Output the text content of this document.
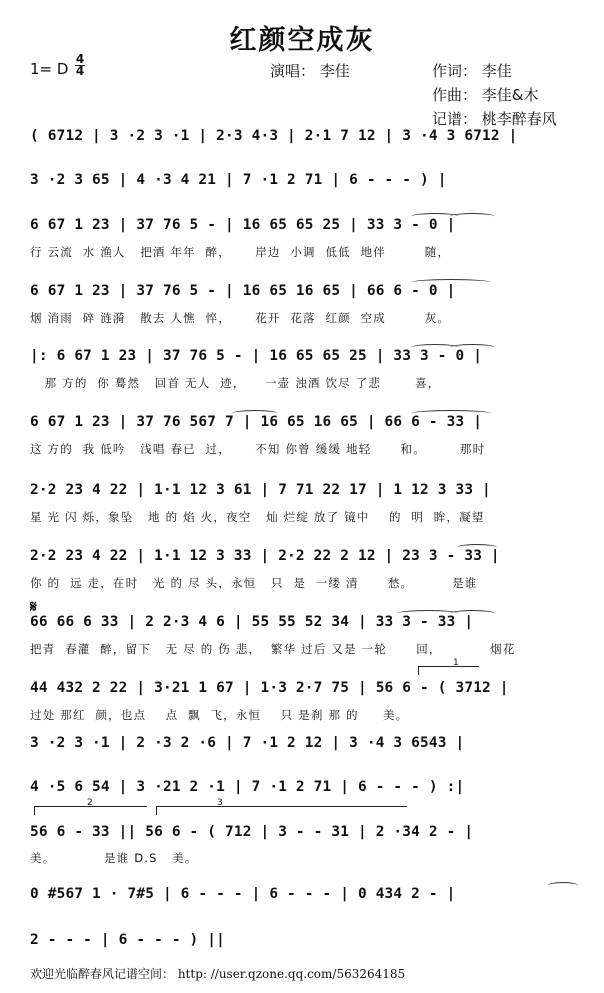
红颜空成灰
1= D
4
4	演唱： 李佳	作词： 李佳
作曲： 李佳&木
记谱： 桃李醉春风
( 6712 | 3 ·2 3 ·1 | 2·3 4·3 | 2·1 7 12 | 3 ·4 3 6712 |
3 ·2 3 65 | 4 ·3 4 21 | 7 ·1 2 71 | 6 - - - ) |
6 67 1 23 | 37 76 5 - | 16 65 65 25 | 33 3 - 0 |
行 云流  水 渔人   把酒 年年  醉，     岸边  小调  低低  地伴        随，
6 67 1 23 | 37 76 5 - | 16 65 16 65 | 66 6 - 0 |
烟 消雨  碎 涟漪   散去 人憔  悴，     花开  花落  红颜  空成        灰。
|: 6 67 1 23 | 37 76 5 - | 16 65 65 25 | 33 3 - 0 |
那 方的  你 蓦然   回首 无人  迹，    一壶 浊酒 饮尽 了悲       喜，
6 67 1 23 | 37 76 567 7 | 16 65 16 65 | 66 6 - 33 |
这 方的  我 低吟   浅唱 春已  过，     不知 你曾 缓缓 地轻      和。       那时
2·2 23 4 22 | 1·1 12 3 61 | 7 71 22 17 | 1 12 3 33 |
星 光 闪 烁，象坠   地 的 焰 火，夜空   灿 烂绽 放了 镜中    的  明  眸，凝望
2·2 23 4 22 | 1·1 12 3 33 | 2·2 22 2 12 | 23 3 - 33 |
你 的  远 走，在时   光 的 尽 头，永恒   只  是  一缕 清      愁。        是谁
𝄋
66 66 6 33 | 2 2·3 4 6 | 55 55 52 34 | 33 3 - 33 |
把青  春灌  醉，留下   无 尽 的 伤 悲，  繁华 过后 又是 一轮      回，          烟花
1
44 432 2 22 | 3·21 1 67 | 1·3 2·7 75 | 56 6 - ( 3712 |
过处 那红  颜，也点    点  飘  飞，永恒    只 是刹 那 的     美。
3 ·2 3 ·1 | 2 ·3 2 ·6 | 7 ·1 2 12 | 3 ·4 3 6543 |
4 ·5 6 54 | 3 ·21 2 ·1 | 7 ·1 2 71 | 6 - - - ) :|
2	3
56 6 - 33 || 56 6 - ( 712 | 3 - - 31 | 2 ·34 2 - |
美。          是谁 D.S   美。
0 #567 1 · 7#5 | 6 - - - | 6 - - - | 0 434 2 - |
2 - - - | 6 - - - ) ||
欢迎光临醉春风记谱空间： http: //user.qzone.qq.com/563264185
